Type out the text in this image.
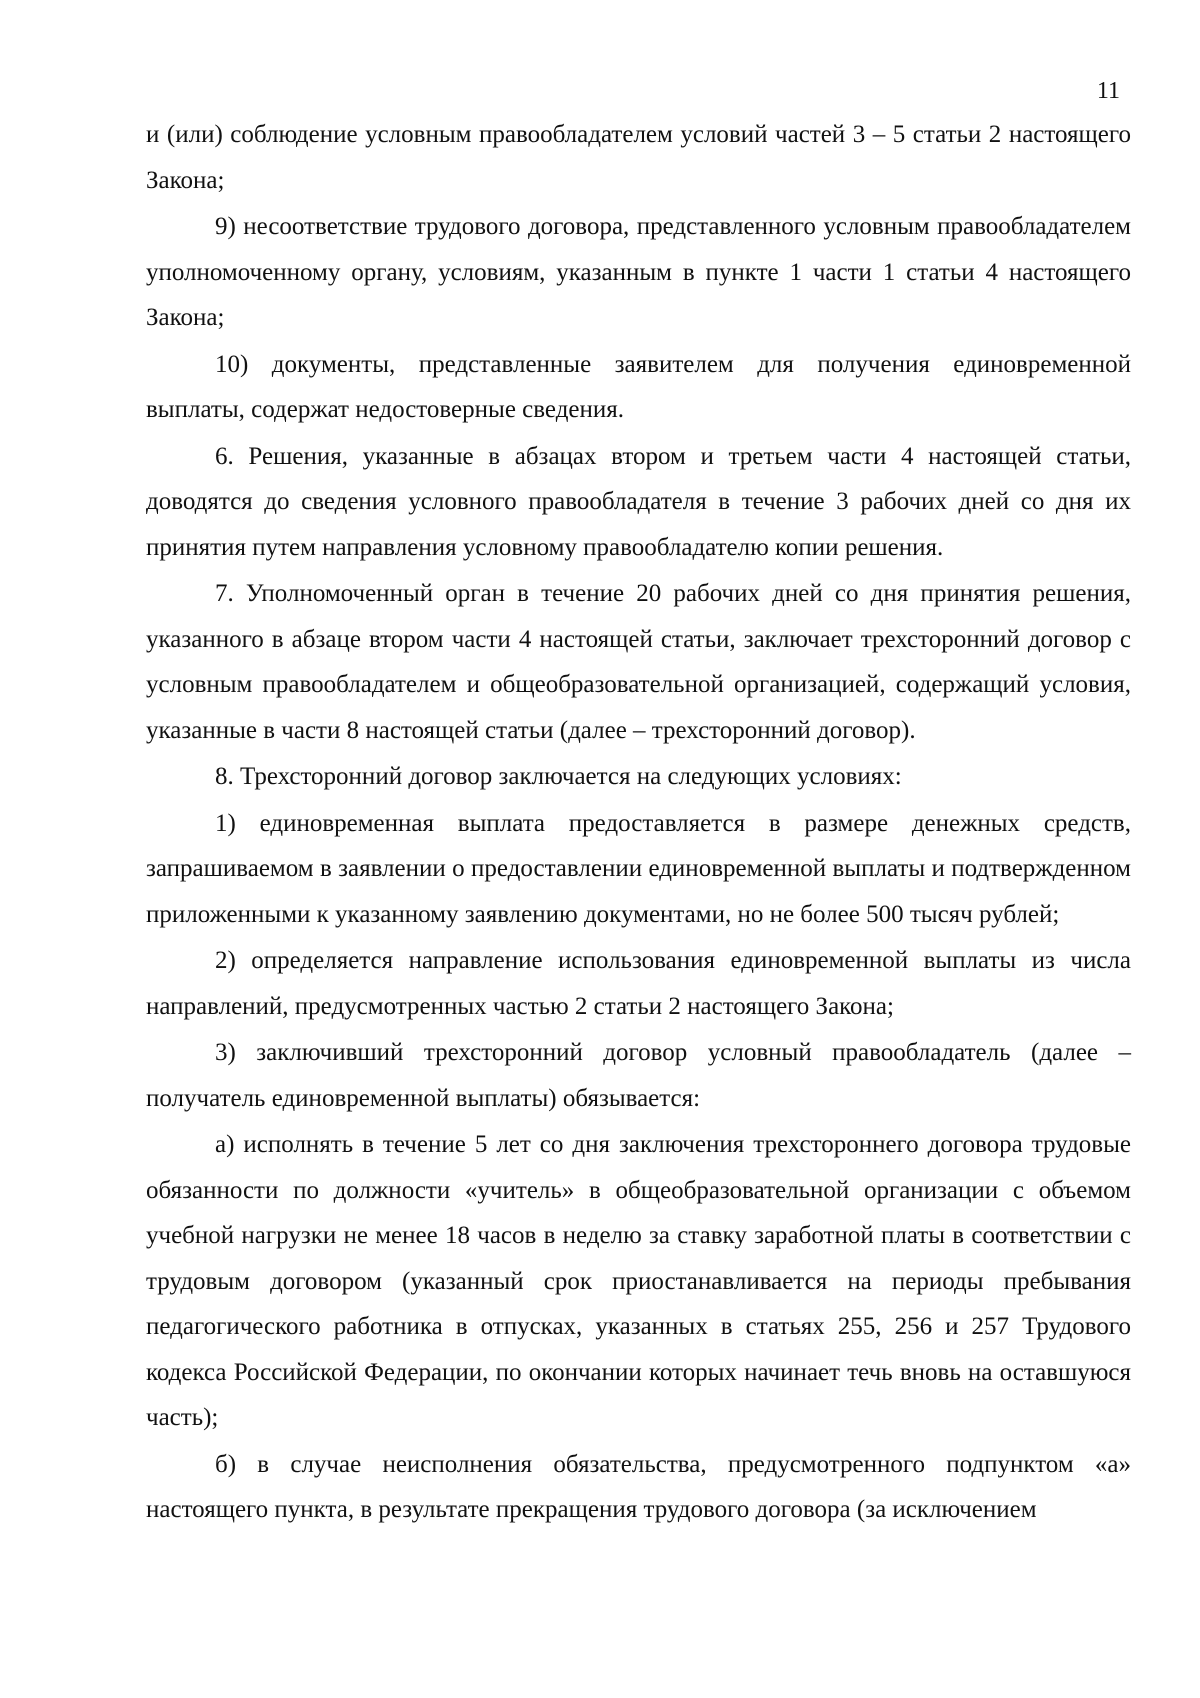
11

и (или) соблюдение условным правообладателем условий частей 3 – 5 статьи 2 настоящего Закона;

9) несоответствие трудового договора, представленного условным правообладателем уполномоченному органу, условиям, указанным в пункте 1 части 1 статьи 4 настоящего Закона;

10) документы, представленные заявителем для получения единовременной выплаты, содержат недостоверные сведения.

6. Решения, указанные в абзацах втором и третьем части 4 настоящей статьи, доводятся до сведения условного правообладателя в течение 3 рабочих дней со дня их принятия путем направления условному правообладателю копии решения.

7. Уполномоченный орган в течение 20 рабочих дней со дня принятия решения, указанного в абзаце втором части 4 настоящей статьи, заключает трехсторонний договор с условным правообладателем и общеобразовательной организацией, содержащий условия, указанные в части 8 настоящей статьи (далее – трехсторонний договор).

8. Трехсторонний договор заключается на следующих условиях:

1) единовременная выплата предоставляется в размере денежных средств, запрашиваемом в заявлении о предоставлении единовременной выплаты и подтвержденном приложенными к указанному заявлению документами, но не более 500 тысяч рублей;

2) определяется направление использования единовременной выплаты из числа направлений, предусмотренных частью 2 статьи 2 настоящего Закона;

3) заключивший трехсторонний договор условный правообладатель (далее – получатель единовременной выплаты) обязывается:

а) исполнять в течение 5 лет со дня заключения трехстороннего договора трудовые обязанности по должности «учитель» в общеобразовательной организации с объемом учебной нагрузки не менее 18 часов в неделю за ставку заработной платы в соответствии с трудовым договором (указанный срок приостанавливается на периоды пребывания педагогического работника в отпусках, указанных в статьях 255, 256 и 257 Трудового кодекса Российской Федерации, по окончании которых начинает течь вновь на оставшуюся часть);

б) в случае неисполнения обязательства, предусмотренного подпунктом «а» настоящего пункта, в результате прекращения трудового договора (за исключением
